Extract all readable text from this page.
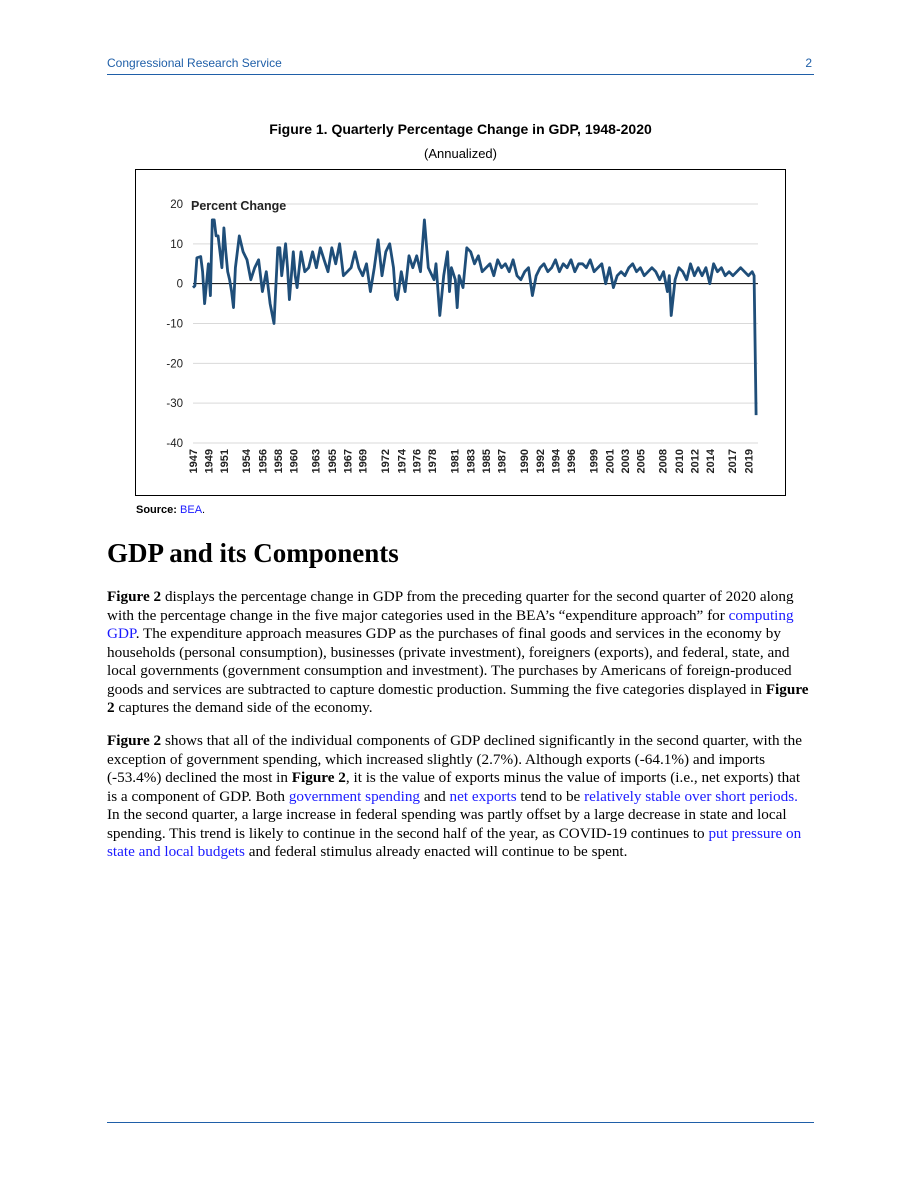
Congressional Research Service	2
Figure 1. Quarterly Percentage Change in GDP, 1948-2020
(Annualized)
20
10
0
-10
-20
-30
-40
1947 1949 1951 1954 1956 1958 1960 1963 1965 1967 1969 1972 1974 1976 1978 1981 1983 1985 1987 1990 1992 1994 1996 1999 2001 2003 2005 2008 2010 2012 2014 2017 2019
Percent Change
Source: BEA.
GDP and its Components

Figure 2 displays the percentage change in GDP from the preceding quarter for the second quarter of 2020 along with the percentage change in the five major categories used in the BEA’s “expenditure approach” for computing GDP. The expenditure approach measures GDP as the purchases of final goods and services in the economy by households (personal consumption), businesses (private investment), foreigners (exports), and federal, state, and local governments (government consumption and investment). The purchases by Americans of foreign-produced goods and services are subtracted to capture domestic production. Summing the five categories displayed in Figure 2 captures the demand side of the economy.

Figure 2 shows that all of the individual components of GDP declined significantly in the second quarter, with the exception of government spending, which increased slightly (2.7%). Although exports (-64.1%) and imports (-53.4%) declined the most in Figure 2, it is the value of exports minus the value of imports (i.e., net exports) that is a component of GDP. Both government spending and net exports tend to be relatively stable over short periods. In the second quarter, a large increase in federal spending was partly offset by a large decrease in state and local spending. This trend is likely to continue in the second half of the year, as COVID-19 continues to put pressure on state and local budgets and federal stimulus already enacted will continue to be spent.
